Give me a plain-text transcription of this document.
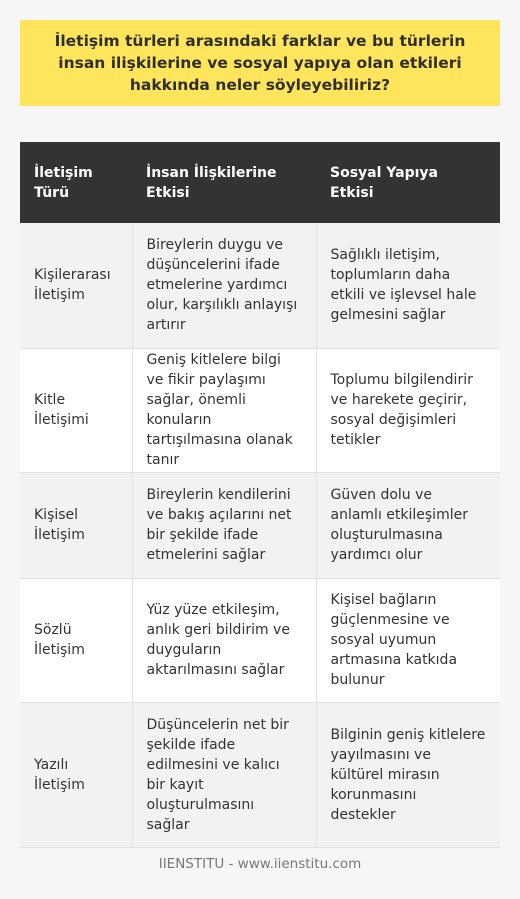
İletişim türleri arasındaki farklar ve bu türlerin insan ilişkilerine ve sosyal yapıya olan etkileri hakkında neler söyleyebiliriz?

İletişim Türü	İnsan İlişkilerine Etkisi	Sosyal Yapıya Etkisi
Kişilerarası İletişim	Bireylerin duygu ve düşüncelerini ifade etmelerine yardımcı olur, karşılıklı anlayışı artırır	Sağlıklı iletişim, toplumların daha etkili ve işlevsel hale gelmesini sağlar
Kitle İletişimi	Geniş kitlelere bilgi ve fikir paylaşımı sağlar, önemli konuların tartışılmasına olanak tanır	Toplumu bilgilendirir ve harekete geçirir, sosyal değişimleri tetikler
Kişisel İletişim	Bireylerin kendilerini ve bakış açılarını net bir şekilde ifade etmelerini sağlar	Güven dolu ve anlamlı etkileşimler oluşturulmasına yardımcı olur
Sözlü İletişim	Yüz yüze etkileşim, anlık geri bildirim ve duyguların aktarılmasını sağlar	Kişisel bağların güçlenmesine ve sosyal uyumun artmasına katkıda bulunur
Yazılı İletişim	Düşüncelerin net bir şekilde ifade edilmesini ve kalıcı bir kayıt oluşturulmasını sağlar	Bilginin geniş kitlelere yayılmasını ve kültürel mirasın korunmasını destekler
IIENSTITU - www.iienstitu.com
